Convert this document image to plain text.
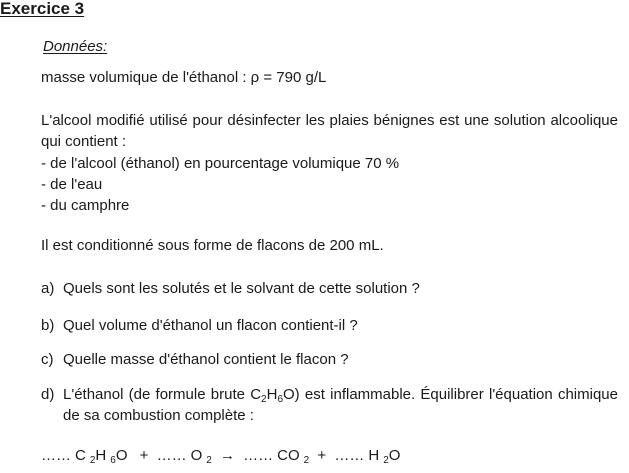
Exercice 3
Données:
masse volumique de l'éthanol : ρ = 790 g/L
L'alcool modifié utilisé pour désinfecter les plaies bénignes est une solution alcoolique qui contient :
- de l'alcool (éthanol) en pourcentage volumique 70 %
- de l'eau
- du camphre
Il est conditionné sous forme de flacons de 200 mL.
a) Quels sont les solutés et le solvant de cette solution ?
b) Quel volume d'éthanol un flacon contient-il ?
c) Quelle masse d'éthanol contient le flacon ?
d) L'éthanol (de formule brute $C_2H_6O$) est inflammable. Équilibrer l'équation chimique de sa combustion complète :
…… C $_2$H $_6$O + …… O $_2$ → …… CO $_2$ + …… H $_2$O
